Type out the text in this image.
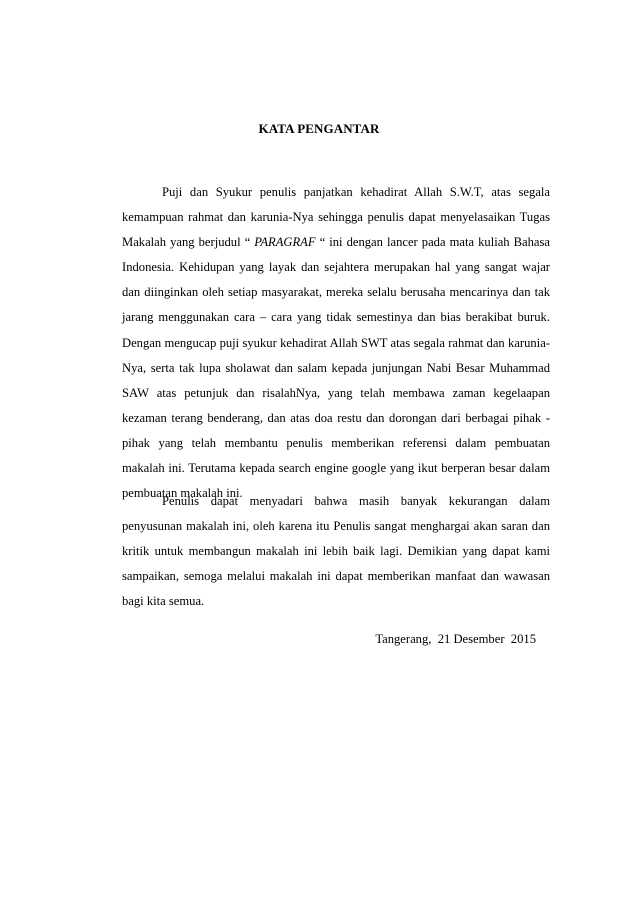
KATA PENGANTAR

Puji dan Syukur penulis panjatkan kehadirat Allah S.W.T, atas segala kemampuan rahmat dan karunia-Nya sehingga penulis dapat menyelasaikan Tugas Makalah yang berjudul “ PARAGRAF “ ini dengan lancer pada mata kuliah Bahasa Indonesia. Kehidupan yang layak dan sejahtera merupakan hal yang sangat wajar dan diinginkan oleh setiap masyarakat, mereka selalu berusaha mencarinya dan tak jarang menggunakan cara – cara yang tidak semestinya dan bias berakibat buruk. Dengan mengucap puji syukur kehadirat Allah SWT atas segala rahmat dan karunia-Nya, serta tak lupa sholawat dan salam kepada junjungan Nabi Besar Muhammad SAW atas petunjuk dan risalahNya, yang telah membawa zaman kegelaapan kezaman terang benderang, dan atas doa restu dan dorongan dari berbagai pihak - pihak yang telah membantu penulis memberikan referensi dalam pembuatan makalah ini. Terutama kepada search engine google yang ikut berperan besar dalam pembuatan makalah ini.

Penulis dapat menyadari bahwa masih banyak kekurangan dalam penyusunan makalah ini, oleh karena itu Penulis sangat menghargai akan saran dan kritik untuk membangun makalah ini lebih baik lagi. Demikian yang dapat kami sampaikan, semoga melalui makalah ini dapat memberikan manfaat dan wawasan bagi kita semua.

Tangerang,  21 Desember  2015
